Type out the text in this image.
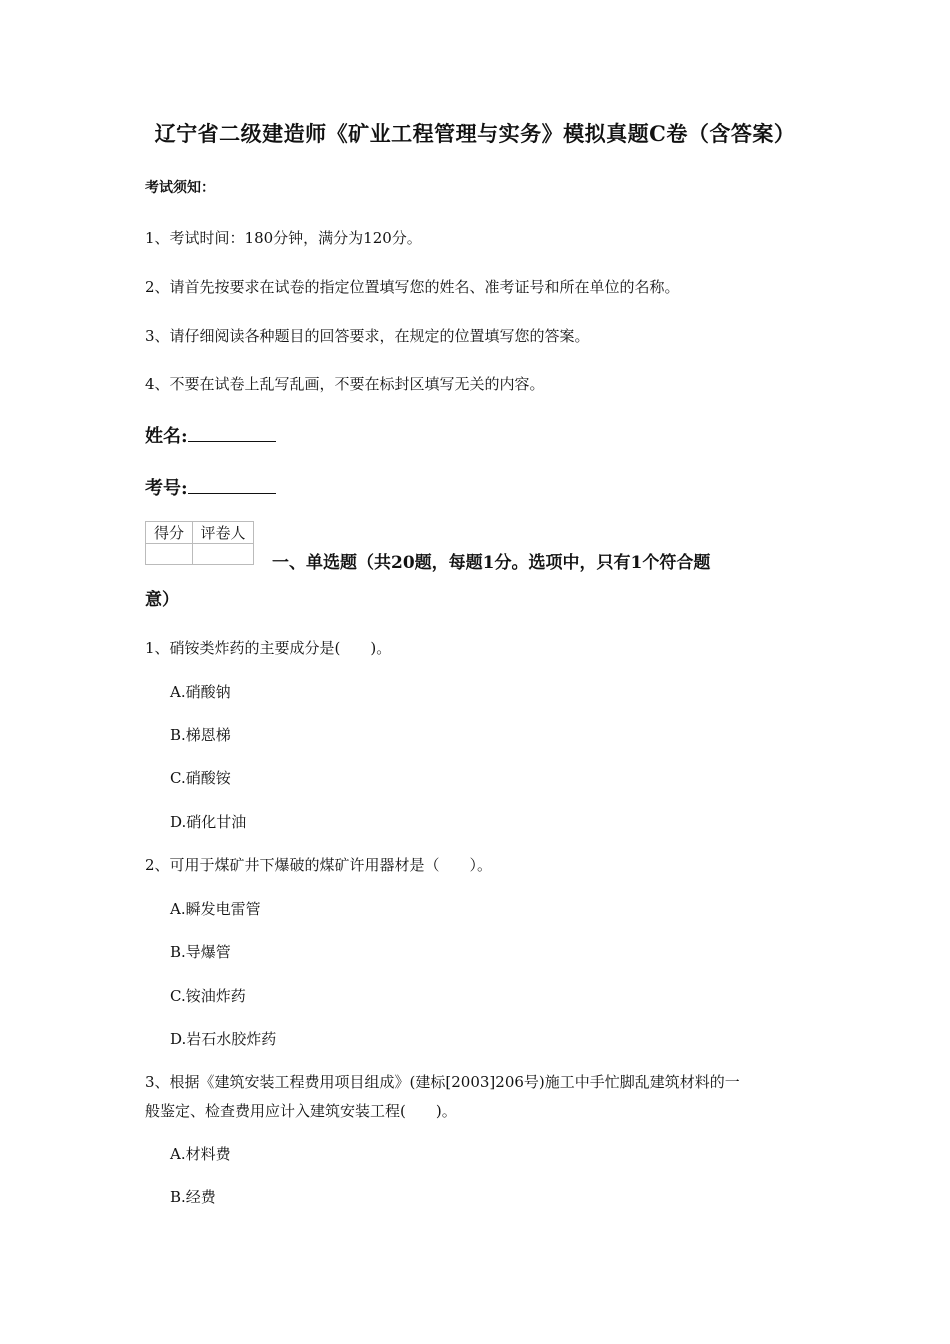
辽宁省二级建造师《矿业工程管理与实务》模拟真题C卷（含答案）
考试须知：
1、考试时间：180分钟，满分为120分。
2、请首先按要求在试卷的指定位置填写您的姓名、准考证号和所在单位的名称。
3、请仔细阅读各种题目的回答要求，在规定的位置填写您的答案。
4、不要在试卷上乱写乱画，不要在标封区填写无关的内容。
姓名:
考号:
得分	评卷人

一、单选题（共20题，每题1分。选项中，只有1个符合题
意）
1、硝铵类炸药的主要成分是(　　)。
A.硝酸钠
B.梯恩梯
C.硝酸铵
D.硝化甘油
2、可用于煤矿井下爆破的煤矿许用器材是（　　）。
A.瞬发电雷管
B.导爆管
C.铵油炸药
D.岩石水胶炸药
3、根据《建筑安装工程费用项目组成》(建标[2003]206号)施工中手忙脚乱建筑材料的一
般鉴定、检查费用应计入建筑安装工程(　　)。
A.材料费
B.经费
